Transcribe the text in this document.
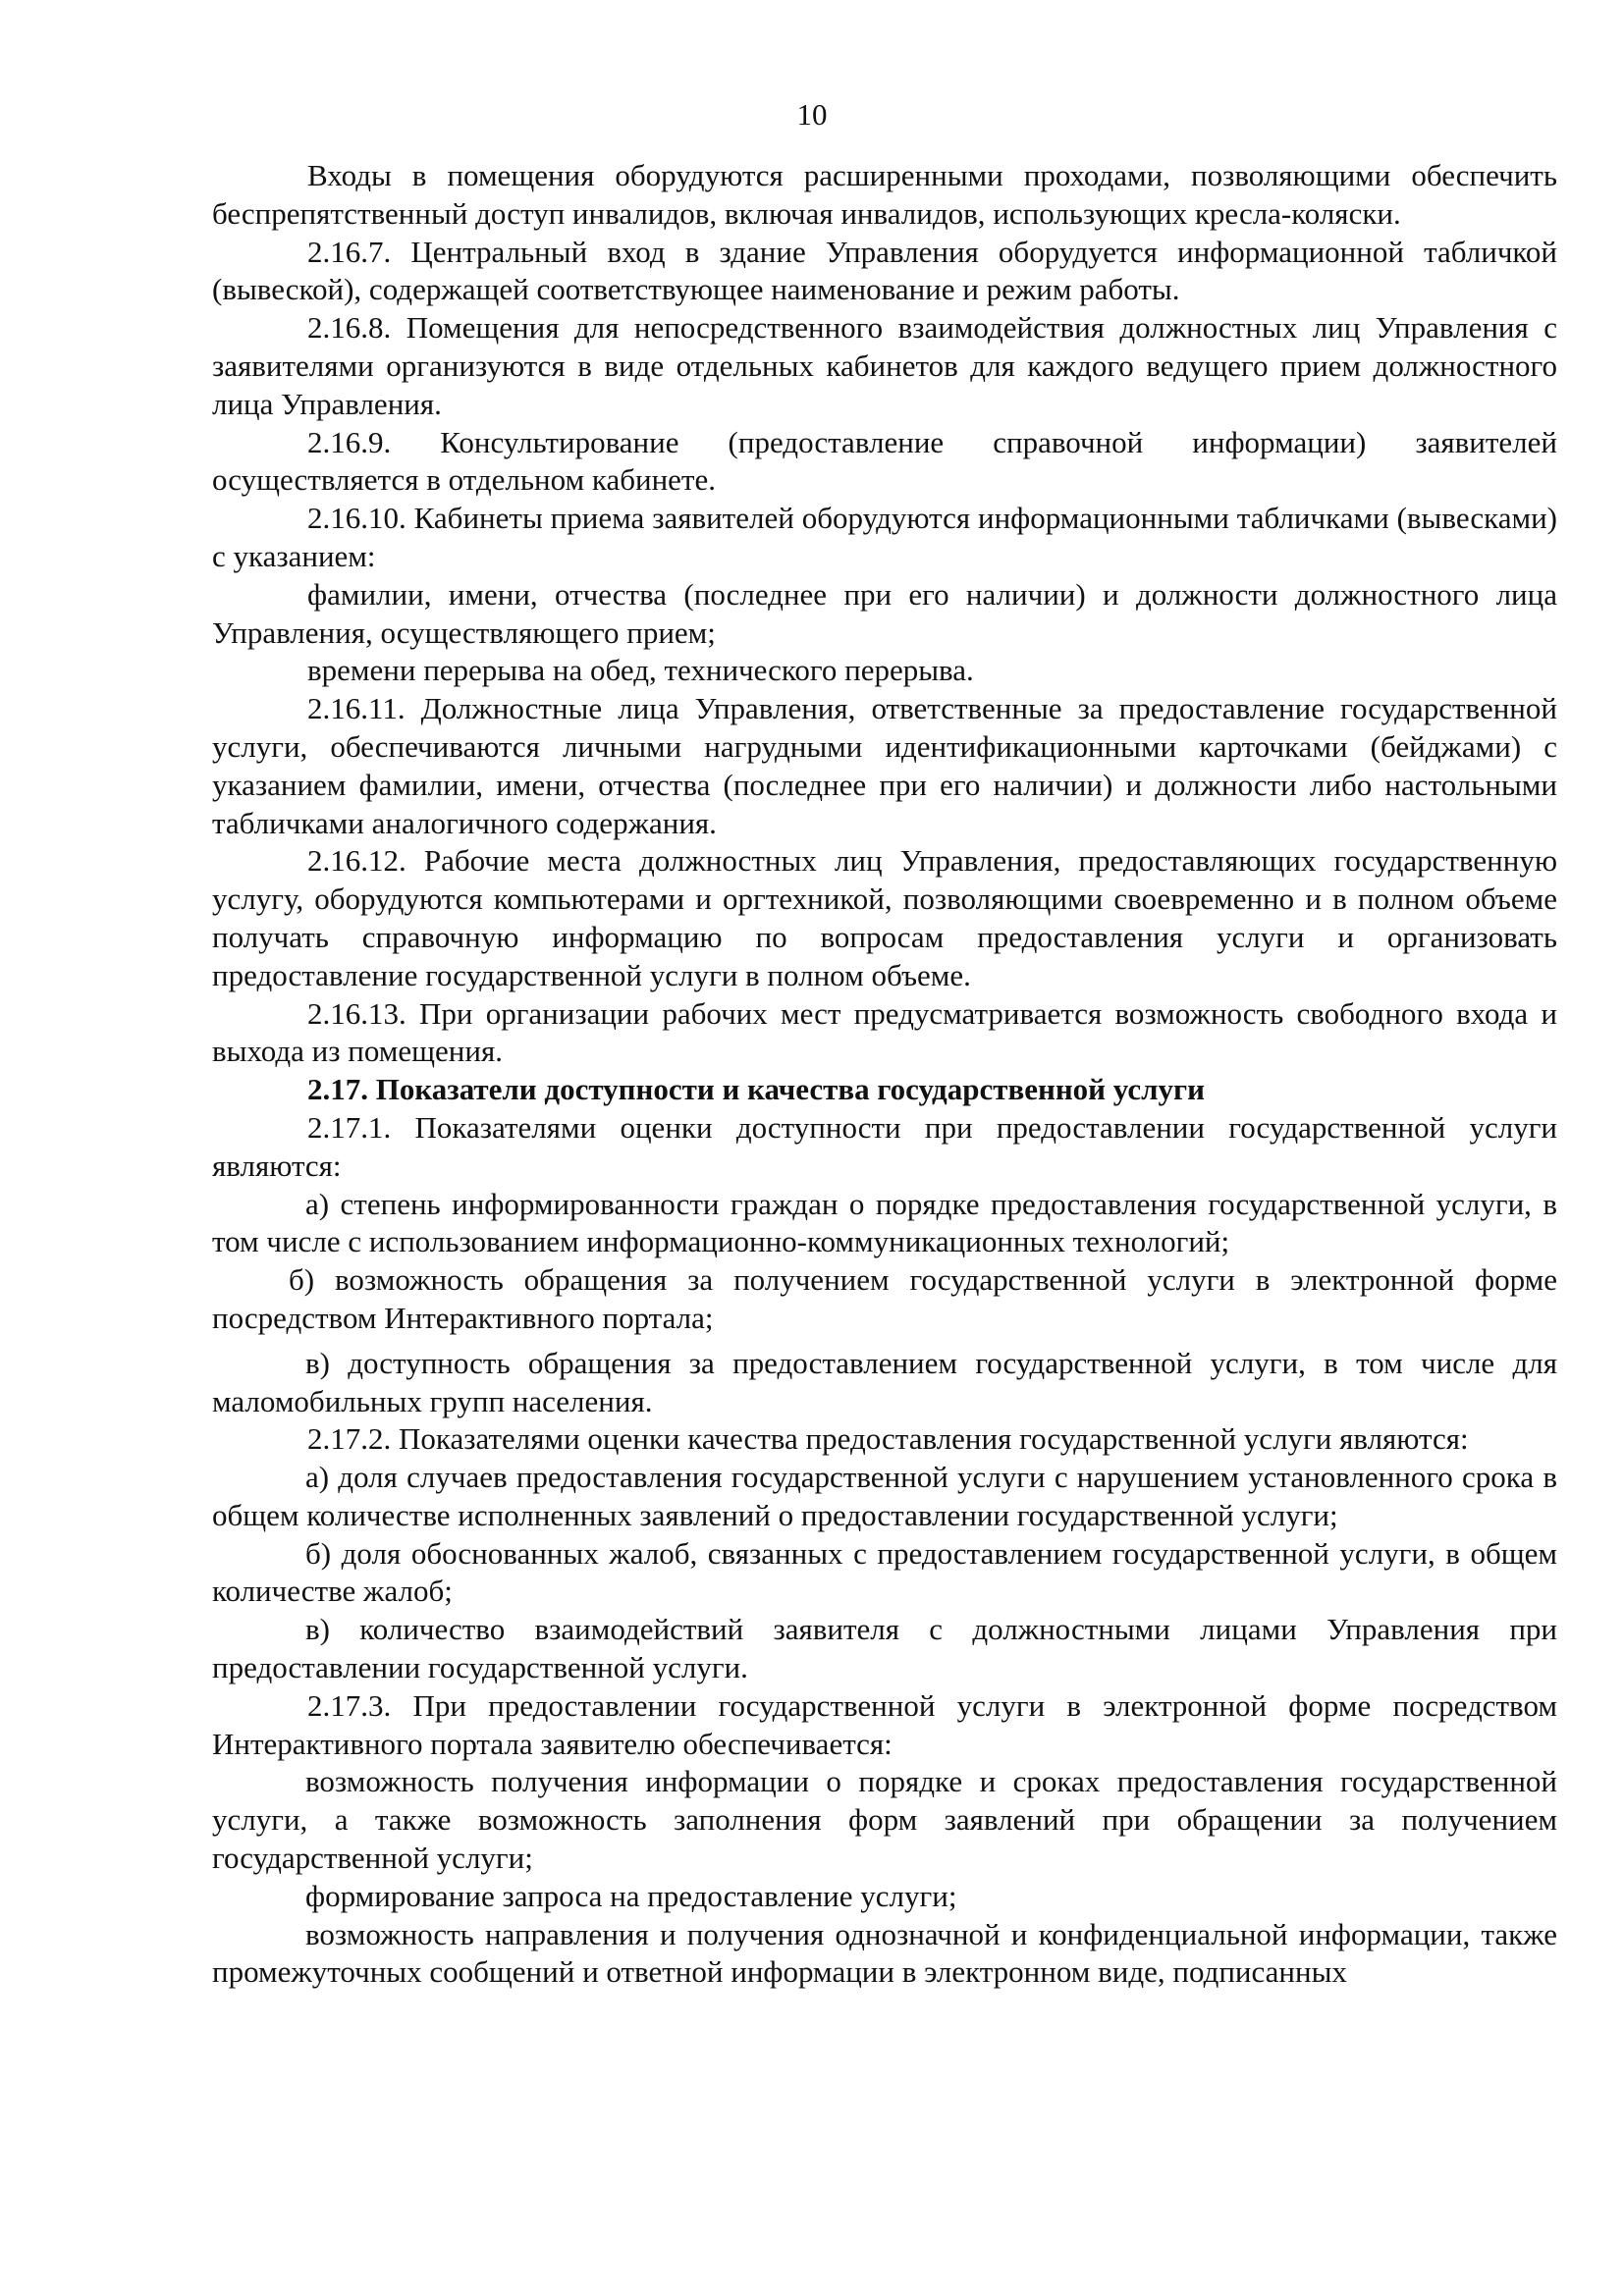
10

Входы в помещения оборудуются расширенными проходами, позволяющими обеспечить беспрепятственный доступ инвалидов, включая инвалидов, использующих кресла-коляски.

2.16.7. Центральный вход в здание Управления оборудуется информационной табличкой (вывеской), содержащей соответствующее наименование и режим работы.

2.16.8. Помещения для непосредственного взаимодействия должностных лиц Управления с заявителями организуются в виде отдельных кабинетов для каждого ведущего прием должностного лица Управления.

2.16.9. Консультирование (предоставление справочной информации) заявителей осуществляется в отдельном кабинете.

2.16.10. Кабинеты приема заявителей оборудуются информационными табличками (вывесками) с указанием:

фамилии, имени, отчества (последнее при его наличии) и должности должностного лица Управления, осуществляющего прием;

времени перерыва на обед, технического перерыва.

2.16.11. Должностные лица Управления, ответственные за предоставление государственной услуги, обеспечиваются личными нагрудными идентификационными карточками (бейджами) с указанием фамилии, имени, отчества (последнее при его наличии) и должности либо настольными табличками аналогичного содержания.

2.16.12. Рабочие места должностных лиц Управления, предоставляющих государственную услугу, оборудуются компьютерами и оргтехникой, позволяющими своевременно и в полном объеме получать справочную информацию по вопросам предоставления услуги и организовать предоставление государственной услуги в полном объеме.

2.16.13. При организации рабочих мест предусматривается возможность свободного входа и выхода из помещения.

2.17. Показатели доступности и качества государственной услуги

2.17.1. Показателями оценки доступности при предоставлении государственной услуги являются:

а) степень информированности граждан о порядке предоставления государственной услуги, в том числе с использованием информационно-коммуникационных технологий;

б) возможность обращения за получением государственной услуги в электронной форме посредством Интерактивного портала;

в) доступность обращения за предоставлением государственной услуги, в том числе для маломобильных групп населения.

2.17.2. Показателями оценки качества предоставления государственной услуги являются:

а) доля случаев предоставления государственной услуги с нарушением установленного срока в общем количестве исполненных заявлений о предоставлении государственной услуги;

б) доля обоснованных жалоб, связанных с предоставлением государственной услуги, в общем количестве жалоб;

в) количество взаимодействий заявителя с должностными лицами Управления при предоставлении государственной услуги.

2.17.3. При предоставлении государственной услуги в электронной форме посредством Интерактивного портала заявителю обеспечивается:

возможность получения информации о порядке и сроках предоставления государственной услуги, а также возможность заполнения форм заявлений при обращении за получением государственной услуги;

формирование запроса на предоставление услуги;

возможность направления и получения однозначной и конфиденциальной информации, также промежуточных сообщений и ответной информации в электронном виде, подписанных
